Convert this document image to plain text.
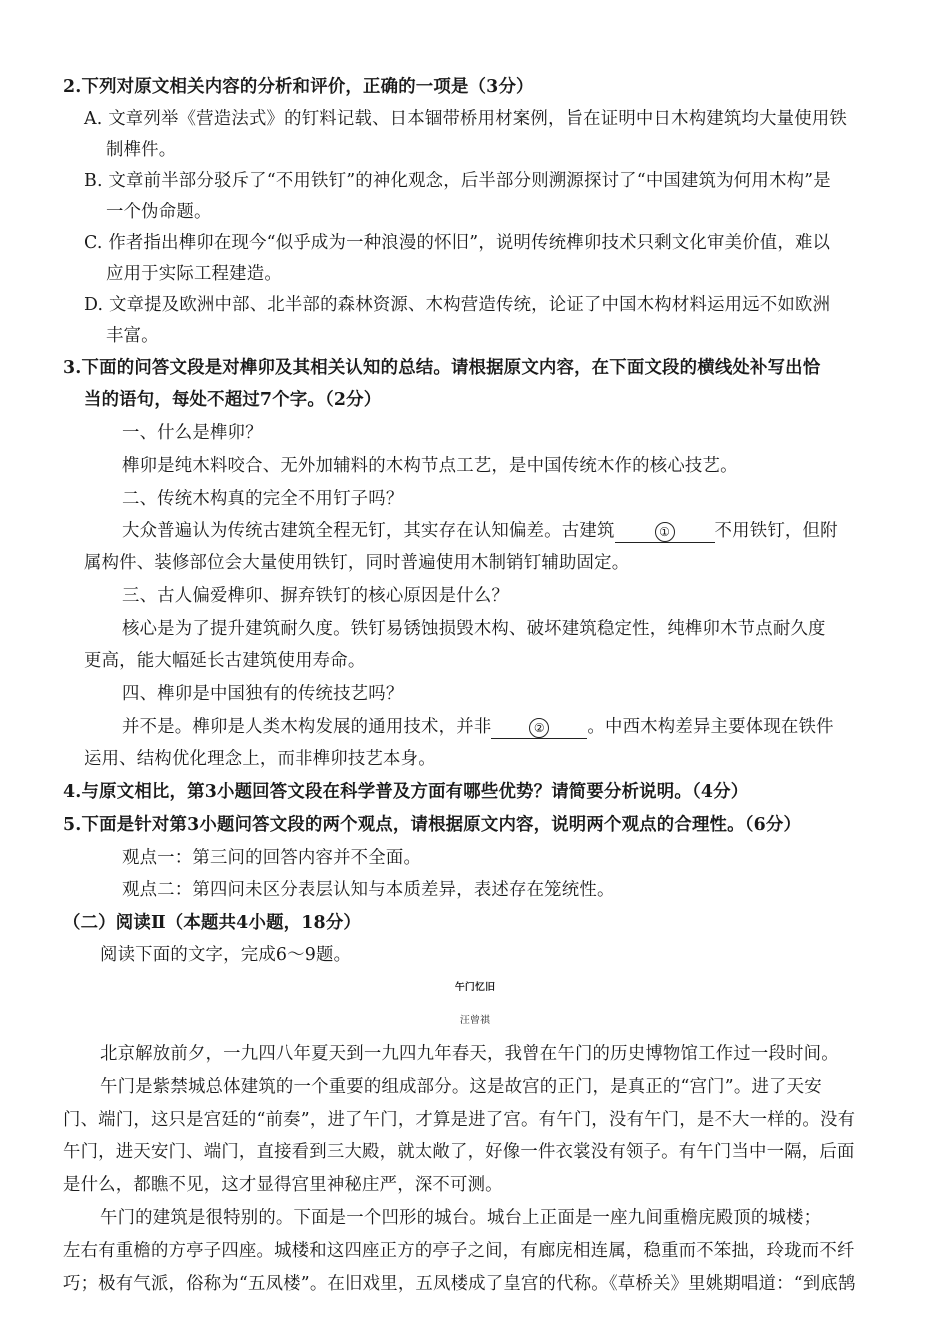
2.下列对原文相关内容的分析和评价，正确的一项是（3分）
A. 文章列举《营造法式》的钉料记载、日本锢带桥用材案例，旨在证明中日木构建筑均大量使用铁
制榫件。
B. 文章前半部分驳斥了“不用铁钉”的神化观念，后半部分则溯源探讨了“中国建筑为何用木构”是
一个伪命题。
C. 作者指出榫卯在现今“似乎成为一种浪漫的怀旧”，说明传统榫卯技术只剩文化审美价值，难以
应用于实际工程建造。
D. 文章提及欧洲中部、北半部的森林资源、木构营造传统，论证了中国木构材料运用远不如欧洲
丰富。
3.下面的问答文段是对榫卯及其相关认知的总结。请根据原文内容，在下面文段的横线处补写出恰
当的语句，每处不超过7个字。（2分）
一、什么是榫卯？
榫卯是纯木料咬合、无外加辅料的木构节点工艺，是中国传统木作的核心技艺。
二、传统木构真的完全不用钉子吗？
大众普遍认为传统古建筑全程无钉，其实存在认知偏差。古建筑	①	不用铁钉，但附
属构件、装修部位会大量使用铁钉，同时普遍使用木制销钉辅助固定。
三、古人偏爱榫卯、摒弃铁钉的核心原因是什么？
核心是为了提升建筑耐久度。铁钉易锈蚀损毁木构、破坏建筑稳定性，纯榫卯木节点耐久度
更高，能大幅延长古建筑使用寿命。
四、榫卯是中国独有的传统技艺吗？
并不是。榫卯是人类木构发展的通用技术，并非	② 。中西木构差异主要体现在铁件
运用、结构优化理念上，而非榫卯技艺本身。
4.与原文相比，第3小题回答文段在科学普及方面有哪些优势？请简要分析说明。（4分）
5.下面是针对第3小题问答文段的两个观点，请根据原文内容，说明两个观点的合理性。（6分）
观点一：第三问的回答内容并不全面。
观点二：第四问未区分表层认知与本质差异，表述存在笼统性。
（二）阅读Ⅱ（本题共4小题，18分）
阅读下面的文字，完成6～9题。
午门忆旧
汪曾祺
北京解放前夕，一九四八年夏天到一九四九年春天，我曾在午门的历史博物馆工作过一段时间。
午门是紫禁城总体建筑的一个重要的组成部分。这是故宫的正门，是真正的“宫门”。进了天安
门、端门，这只是宫廷的“前奏”，进了午门，才算是进了宫。有午门，没有午门，是不大一样的。没有
午门，进天安门、端门，直接看到三大殿，就太敞了，好像一件衣裳没有领子。有午门当中一隔，后面
是什么，都瞧不见，这才显得宫里神秘庄严，深不可测。
午门的建筑是很特别的。下面是一个凹形的城台。城台上正面是一座九间重檐庑殿顶的城楼；
左右有重檐的方亭子四座。城楼和这四座正方的亭子之间，有廊庑相连属，稳重而不笨拙，玲珑而不纤
巧；极有气派，俗称为“五凤楼”。在旧戏里，五凤楼成了皇宫的代称。《草桥关》里姚期唱道：“到底鹄
